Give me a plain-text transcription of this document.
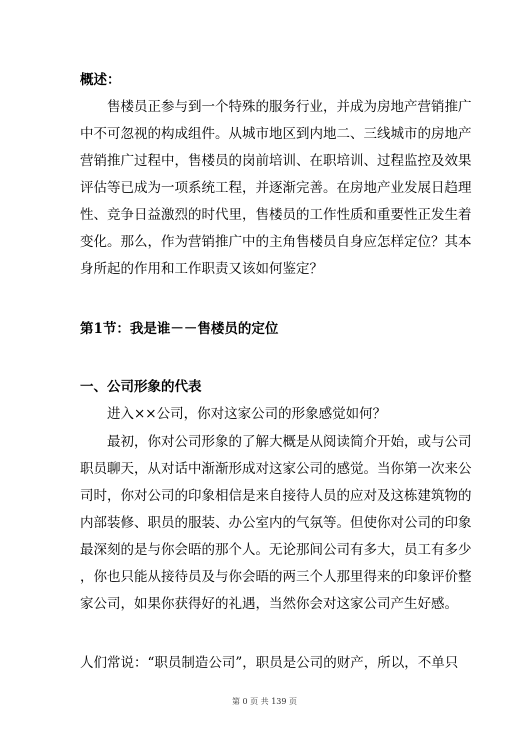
概述：
售楼员正参与到一个特殊的服务行业，并成为房地产营销推广
中不可忽视的构成组件。从城市地区到内地二、三线城市的房地产
营销推广过程中，售楼员的岗前培训、在职培训、过程监控及效果
评估等已成为一项系统工程，并逐渐完善。在房地产业发展日趋理
性、竞争日益激烈的时代里，售楼员的工作性质和重要性正发生着
变化。那么，作为营销推广中的主角售楼员自身应怎样定位？其本
身所起的作用和工作职责又该如何鉴定？
第1节：我是谁－－售楼员的定位
一、公司形象的代表
进入××公司，你对这家公司的形象感觉如何？
最初，你对公司形象的了解大概是从阅读简介开始，或与公司
职员聊天，从对话中渐渐形成对这家公司的感觉。当你第一次来公
司时，你对公司的印象相信是来自接待人员的应对及这栋建筑物的
内部装修、职员的服装、办公室内的气氛等。但使你对公司的印象
最深刻的是与你会晤的那个人。无论那间公司有多大，员工有多少
，你也只能从接待员及与你会晤的两三个人那里得来的印象评价整
家公司，如果你获得好的礼遇，当然你会对这家公司产生好感。
人们常说：“职员制造公司”，职员是公司的财产，所以，不单只
第 0 页 共 139 页
